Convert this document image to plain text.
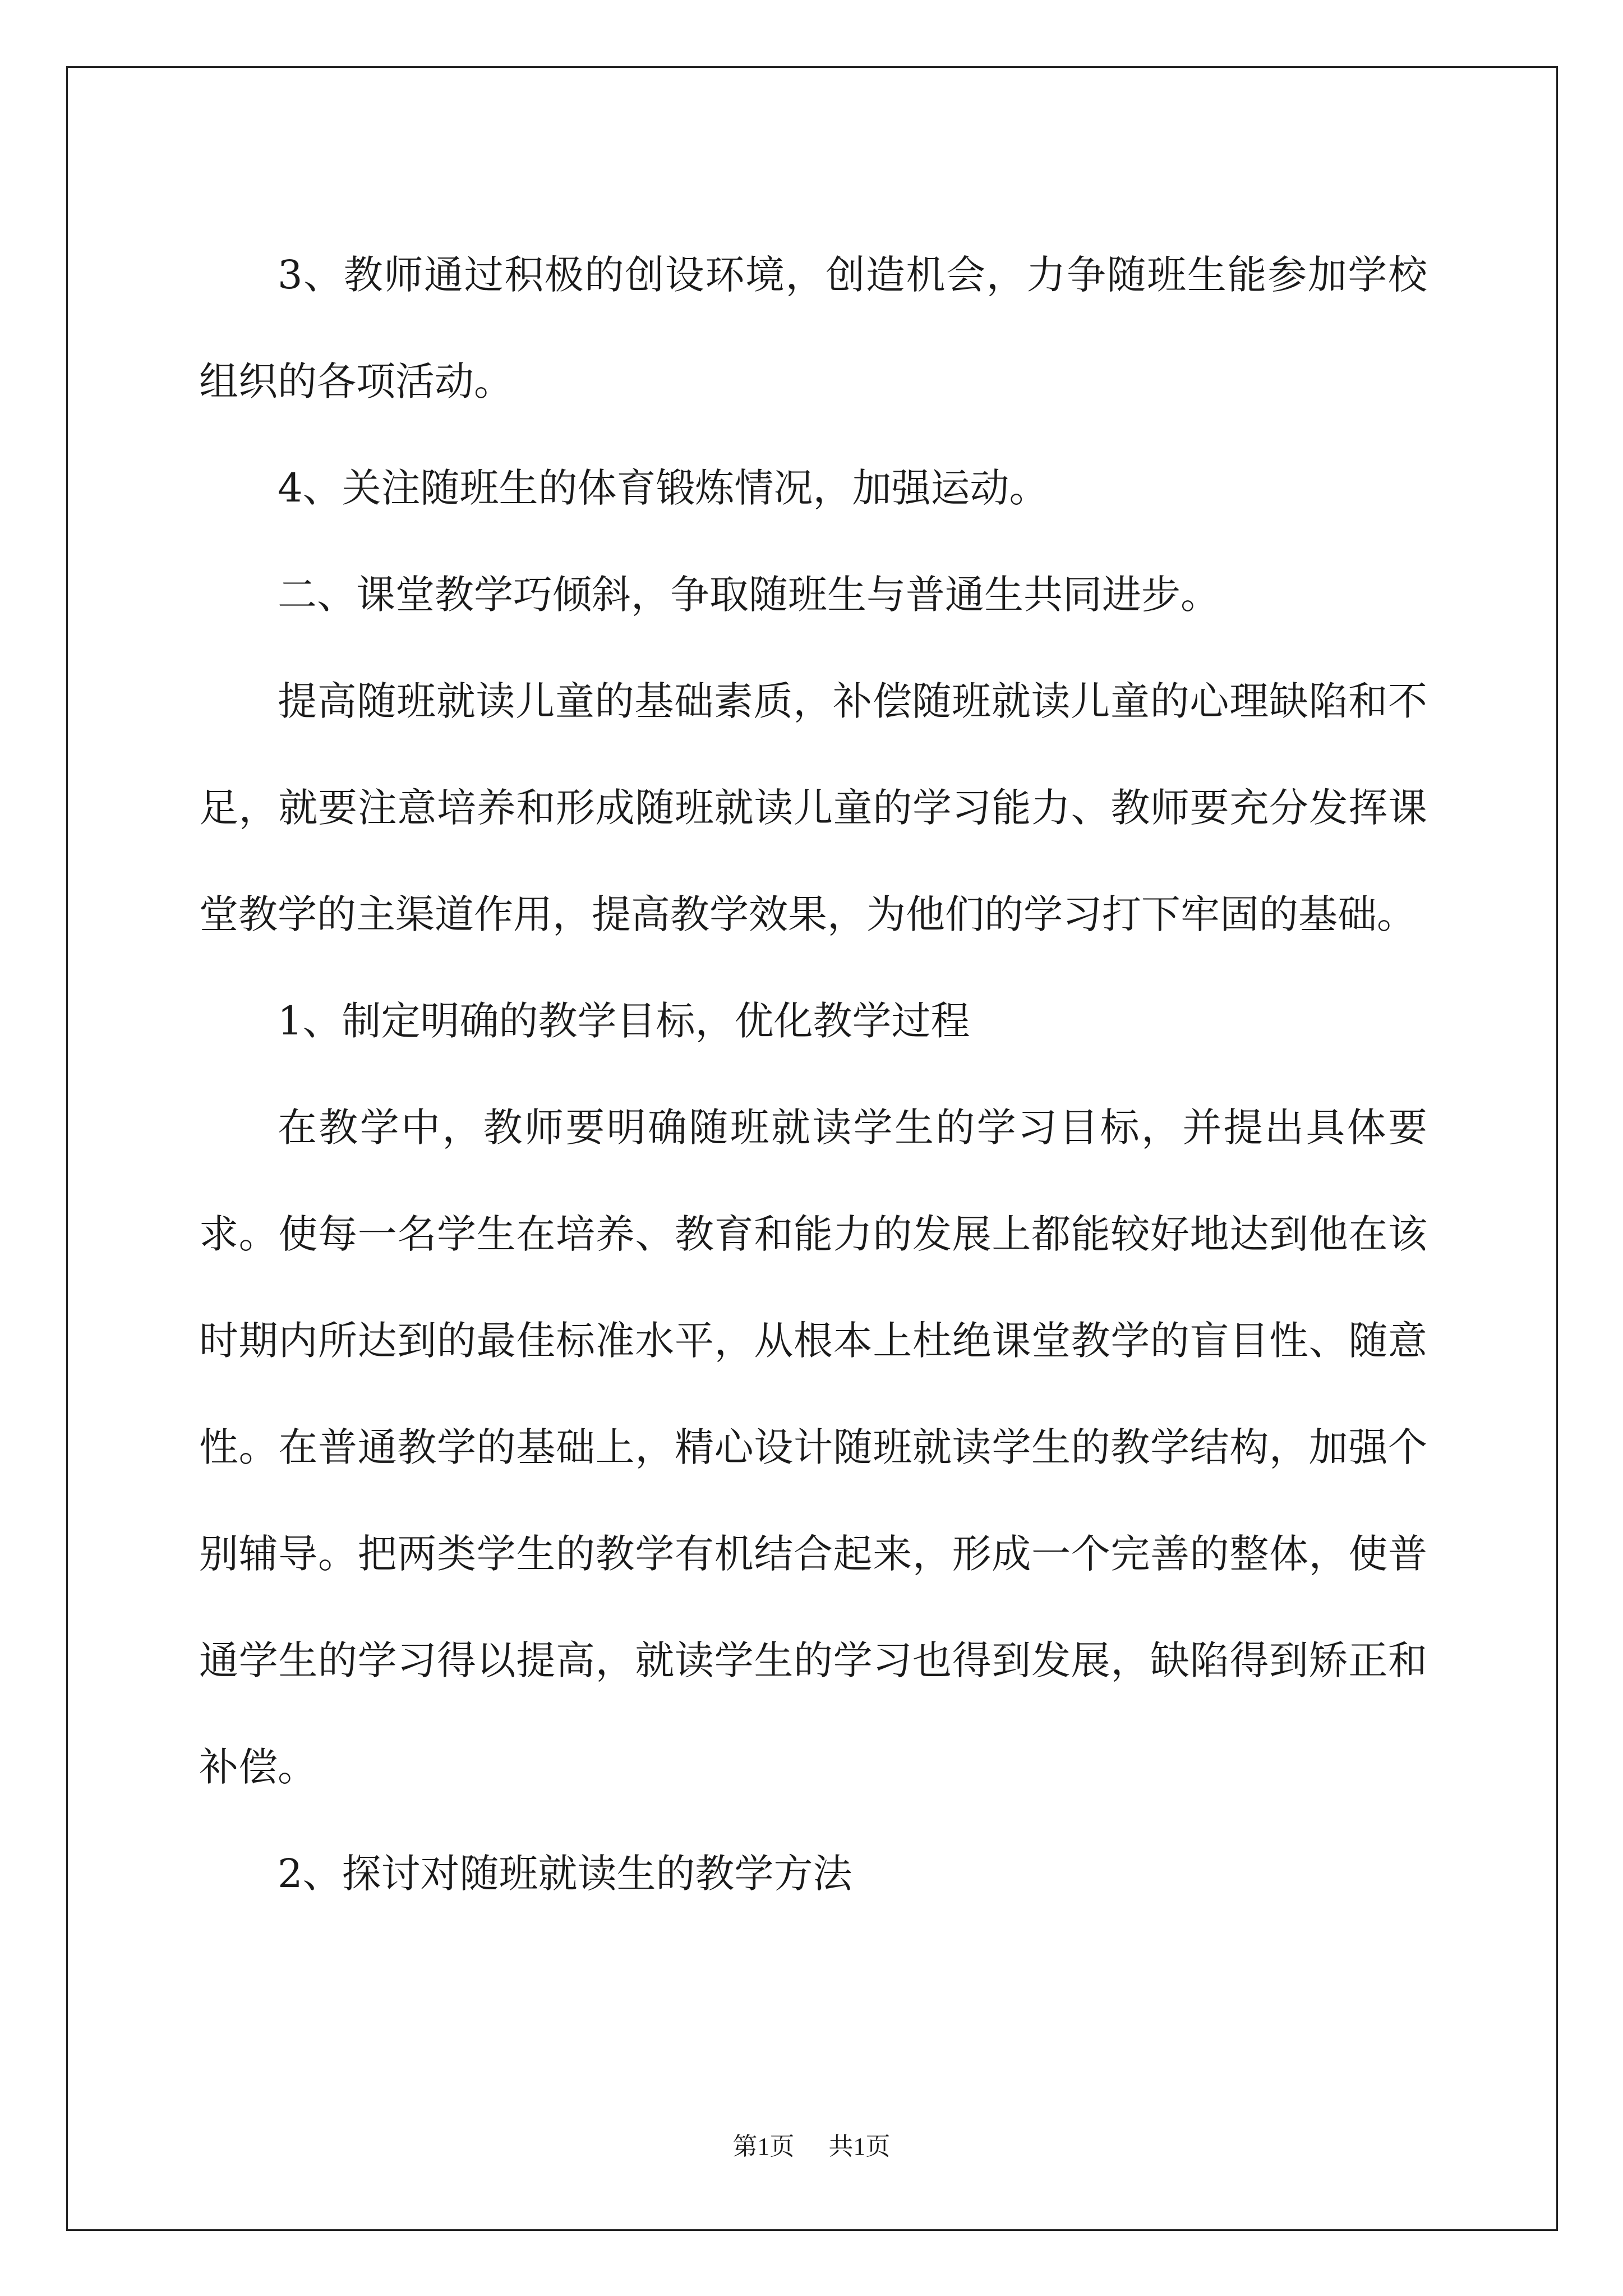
3、教师通过积极的创设环境，创造机会，力争随班生能参加学校组织的各项活动。

4、关注随班生的体育锻炼情况，加强运动。

二、课堂教学巧倾斜，争取随班生与普通生共同进步。

提高随班就读儿童的基础素质，补偿随班就读儿童的心理缺陷和不足，就要注意培养和形成随班就读儿童的学习能力、教师要充分发挥课堂教学的主渠道作用，提高教学效果，为他们的学习打下牢固的基础。

1、制定明确的教学目标，优化教学过程

在教学中，教师要明确随班就读学生的学习目标，并提出具体要求。使每一名学生在培养、教育和能力的发展上都能较好地达到他在该时期内所达到的最佳标准水平，从根本上杜绝课堂教学的盲目性、随意性。在普通教学的基础上，精心设计随班就读学生的教学结构，加强个别辅导。把两类学生的教学有机结合起来，形成一个完善的整体，使普通学生的学习得以提高，就读学生的学习也得到发展，缺陷得到矫正和补偿。

2、探讨对随班就读生的教学方法

第1页 共1页
